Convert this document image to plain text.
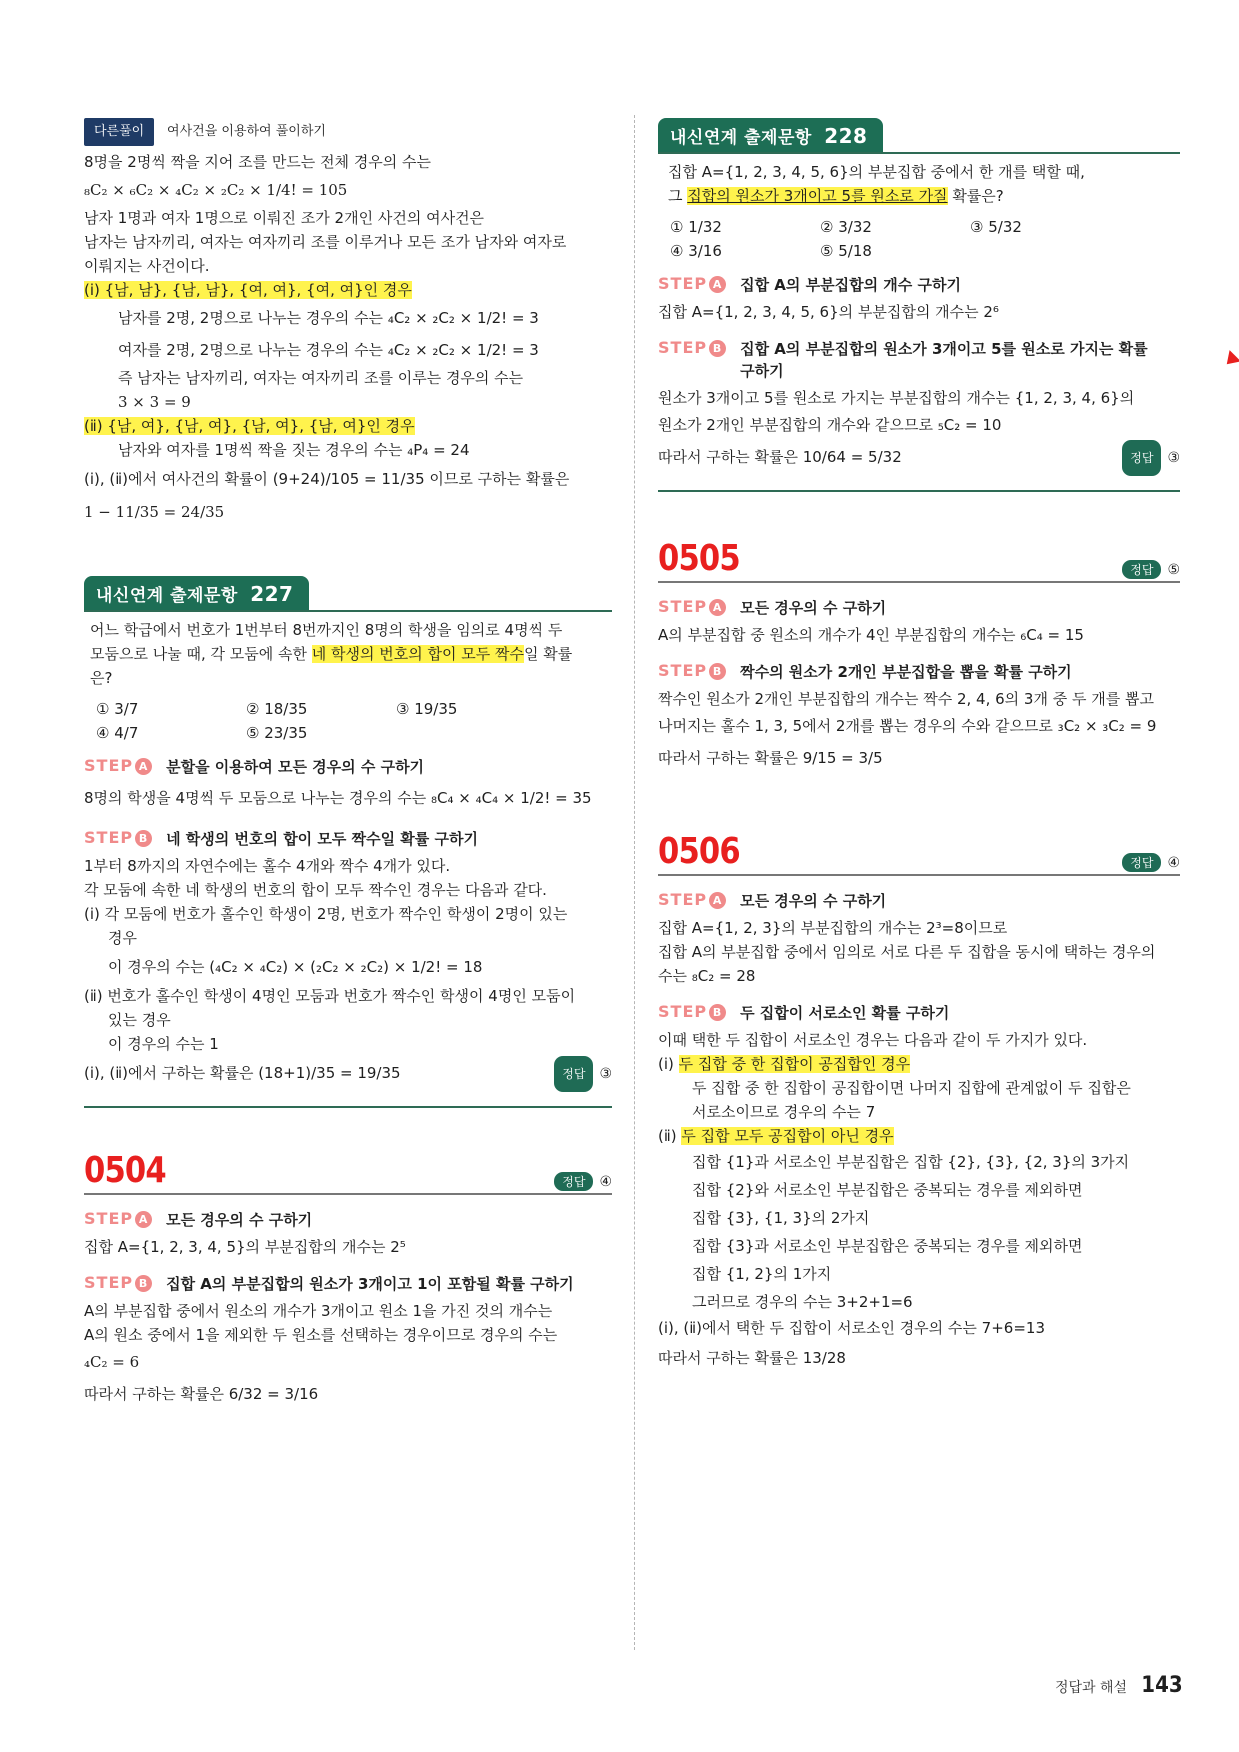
다른풀이 여사건을 이용하여 풀이하기

8명을 2명씩 짝을 지어 조를 만드는 전체 경우의 수는

₈C₂ × ₆C₂ × ₄C₂ × ₂C₂ × 1/4! = 105

남자 1명과 여자 1명으로 이뤄진 조가 2개인 사건의 여사건은

남자는 남자끼리, 여자는 여자끼리 조를 이루거나 모든 조가 남자와 여자로

이뤄지는 사건이다.

(ⅰ) {남, 남}, {남, 남}, {여, 여}, {여, 여}인 경우

남자를 2명, 2명으로 나누는 경우의 수는 ₄C₂ × ₂C₂ × 1/2! = 3

여자를 2명, 2명으로 나누는 경우의 수는 ₄C₂ × ₂C₂ × 1/2! = 3

즉 남자는 남자끼리, 여자는 여자끼리 조를 이루는 경우의 수는

3 × 3 = 9

(ⅱ) {남, 여}, {남, 여}, {남, 여}, {남, 여}인 경우

남자와 여자를 1명씩 짝을 짓는 경우의 수는 ₄P₄ = 24

(ⅰ), (ⅱ)에서 여사건의 확률이 (9+24)/105 = 11/35 이므로 구하는 확률은

1 − 11/35 = 24/35

내신연계 출제문항 227

어느 학급에서 번호가 1번부터 8번까지인 8명의 학생을 임의로 4명씩 두

모둠으로 나눌 때, 각 모둠에 속한 네 학생의 번호의 합이 모두 짝수일 확률

은?

① 3/7	② 18/35	③ 19/35
④ 4/7	⑤ 23/35
STEP A 분할을 이용하여 모든 경우의 수 구하기

8명의 학생을 4명씩 두 모둠으로 나누는 경우의 수는 ₈C₄ × ₄C₄ × 1/2! = 35

STEP B 네 학생의 번호의 합이 모두 짝수일 확률 구하기

1부터 8까지의 자연수에는 홀수 4개와 짝수 4개가 있다.

각 모둠에 속한 네 학생의 번호의 합이 모두 짝수인 경우는 다음과 같다.

(ⅰ) 각 모둠에 번호가 홀수인 학생이 2명, 번호가 짝수인 학생이 2명이 있는

경우

이 경우의 수는 (₄C₂ × ₄C₂) × (₂C₂ × ₂C₂) × 1/2! = 18

(ⅱ) 번호가 홀수인 학생이 4명인 모둠과 번호가 짝수인 학생이 4명인 모둠이

있는 경우

이 경우의 수는 1

(ⅰ), (ⅱ)에서 구하는 확률은 (18+1)/35 = 19/35	정답	③

0504	정답	④
STEP A 모든 경우의 수 구하기

집합 A={1, 2, 3, 4, 5}의 부분집합의 개수는 2⁵

STEP B 집합 A의 부분집합의 원소가 3개이고 1이 포함될 확률 구하기

A의 부분집합 중에서 원소의 개수가 3개이고 원소 1을 가진 것의 개수는

A의 원소 중에서 1을 제외한 두 원소를 선택하는 경우이므로 경우의 수는

₄C₂ = 6

따라서 구하는 확률은 6/32 = 3/16

내신연계 출제문항 228

집합 A={1, 2, 3, 4, 5, 6}의 부분집합 중에서 한 개를 택할 때,

그 집합의 원소가 3개이고 5를 원소로 가질 확률은?

① 1/32	② 3/32	③ 5/32
④ 3/16	⑤ 5/18
STEP A 집합 A의 부분집합의 개수 구하기

집합 A={1, 2, 3, 4, 5, 6}의 부분집합의 개수는 2⁶

STEP B 집합 A의 부분집합의 원소가 3개이고 5를 원소로 가지는 확률
구하기

원소가 3개이고 5를 원소로 가지는 부분집합의 개수는 {1, 2, 3, 4, 6}의

원소가 2개인 부분집합의 개수와 같으므로 ₅C₂ = 10

따라서 구하는 확률은 10/64 = 5/32	정답	③

0505	정답	⑤
STEP A 모든 경우의 수 구하기

A의 부분집합 중 원소의 개수가 4인 부분집합의 개수는 ₆C₄ = 15

STEP B 짝수의 원소가 2개인 부분집합을 뽑을 확률 구하기

짝수인 원소가 2개인 부분집합의 개수는 짝수 2, 4, 6의 3개 중 두 개를 뽑고

나머지는 홀수 1, 3, 5에서 2개를 뽑는 경우의 수와 같으므로 ₃C₂ × ₃C₂ = 9

따라서 구하는 확률은 9/15 = 3/5

0506	정답	④
STEP A 모든 경우의 수 구하기

집합 A={1, 2, 3}의 부분집합의 개수는 2³=8이므로

집합 A의 부분집합 중에서 임의로 서로 다른 두 집합을 동시에 택하는 경우의

수는 ₈C₂ = 28

STEP B 두 집합이 서로소인 확률 구하기

이때 택한 두 집합이 서로소인 경우는 다음과 같이 두 가지가 있다.

(ⅰ) 두 집합 중 한 집합이 공집합인 경우

두 집합 중 한 집합이 공집합이면 나머지 집합에 관계없이 두 집합은

서로소이므로 경우의 수는 7

(ⅱ) 두 집합 모두 공집합이 아닌 경우

집합 {1}과 서로소인 부분집합은 집합 {2}, {3}, {2, 3}의 3가지

집합 {2}와 서로소인 부분집합은 중복되는 경우를 제외하면

집합 {3}, {1, 3}의 2가지

집합 {3}과 서로소인 부분집합은 중복되는 경우를 제외하면

집합 {1, 2}의 1가지

그러므로 경우의 수는 3+2+1=6

(ⅰ), (ⅱ)에서 택한 두 집합이 서로소인 경우의 수는 7+6=13

따라서 구하는 확률은 13/28

정답과 해설 143
